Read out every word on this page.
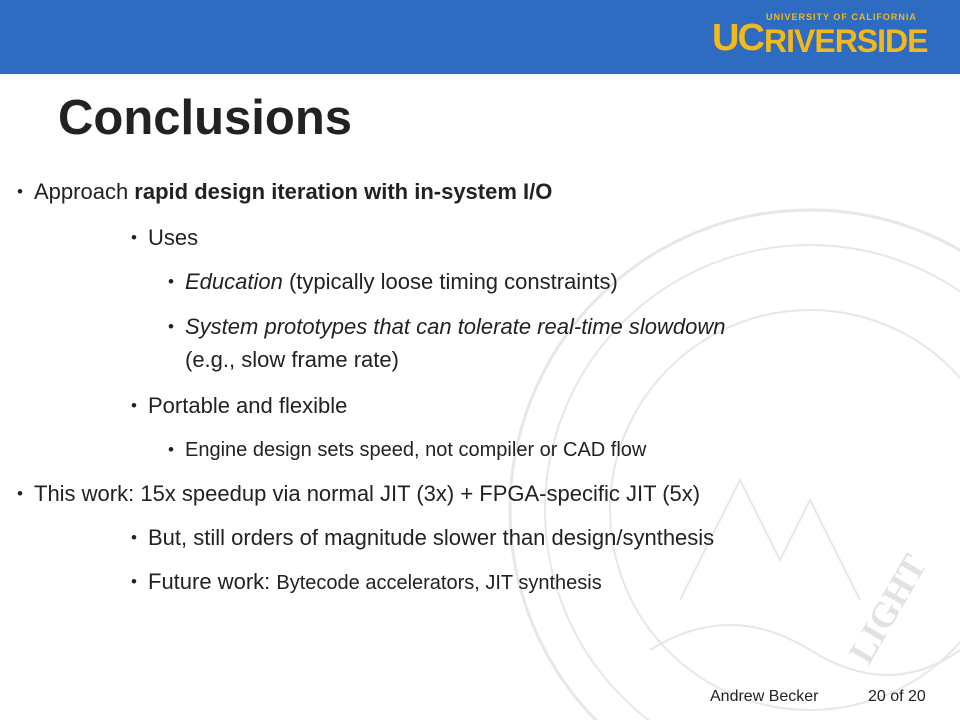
UNIVERSITY OF CALIFORNIA
UC RIVERSIDE
LIGHT
Conclusions
• Approach rapid design iteration with in-system I/O
• Uses
• Education (typically loose timing constraints)
• System prototypes that can tolerate real-time slowdown
(e.g., slow frame rate)
• Portable and flexible
• Engine design sets speed, not compiler or CAD flow
• This work: 15x speedup via normal JIT (3x) + FPGA-specific JIT (5x)
• But, still orders of magnitude slower than design/synthesis
• Future work: Bytecode accelerators, JIT synthesis
Andrew Becker	20 of 20
